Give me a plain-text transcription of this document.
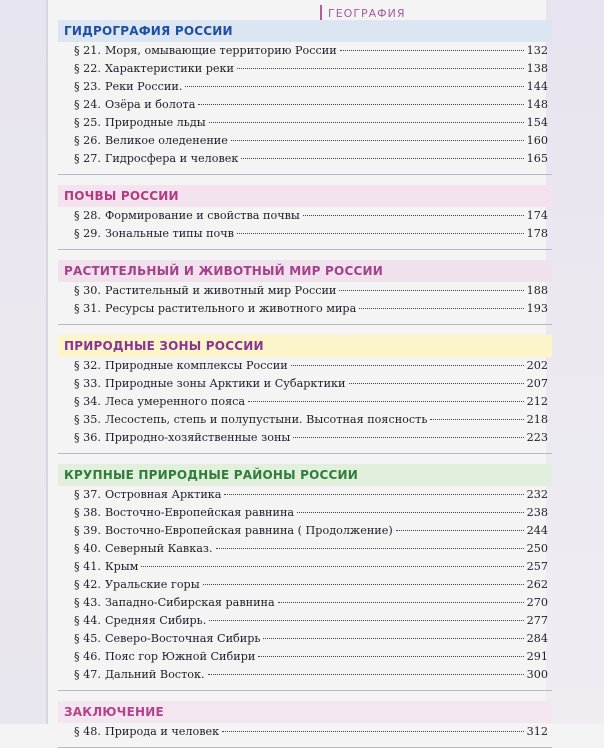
ГЕОГРАФИЯ
ГИДРОГРАФИЯ РОССИИ
§ 21. Моря, омывающие территорию России	132
§ 22. Характеристики реки	138
§ 23. Реки России.	144
§ 24. Озёра и болота	148
§ 25. Природные льды	154
§ 26. Великое оледенение	160
§ 27. Гидросфера и человек	165
ПОЧВЫ РОССИИ
§ 28. Формирование и свойства почвы	174
§ 29. Зональные типы почв	178
РАСТИТЕЛЬНЫЙ И ЖИВОТНЫЙ МИР РОССИИ
§ 30. Растительный и животный мир России	188
§ 31. Ресурсы растительного и животного мира	193
ПРИРОДНЫЕ ЗОНЫ РОССИИ
§ 32. Природные комплексы России	202
§ 33. Природные зоны Арктики и Субарктики	207
§ 34. Леса умеренного пояса	212
§ 35. Лесостепь, степь и полупустыни. Высотная поясность	218
§ 36. Природно-хозяйственные зоны	223
КРУПНЫЕ ПРИРОДНЫЕ РАЙОНЫ РОССИИ
§ 37. Островная Арктика	232
§ 38. Восточно-Европейская равнина	238
§ 39. Восточно-Европейская равнина ( Продолжение)	244
§ 40. Северный Кавказ.	250
§ 41. Крым	257
§ 42. Уральские горы	262
§ 43. Западно-Сибирская равнина	270
§ 44. Средняя Сибирь.	277
§ 45. Северо-Восточная Сибирь	284
§ 46. Пояс гор Южной Сибири	291
§ 47. Дальний Восток.	300
ЗАКЛЮЧЕНИЕ
§ 48. Природа и человек	312
